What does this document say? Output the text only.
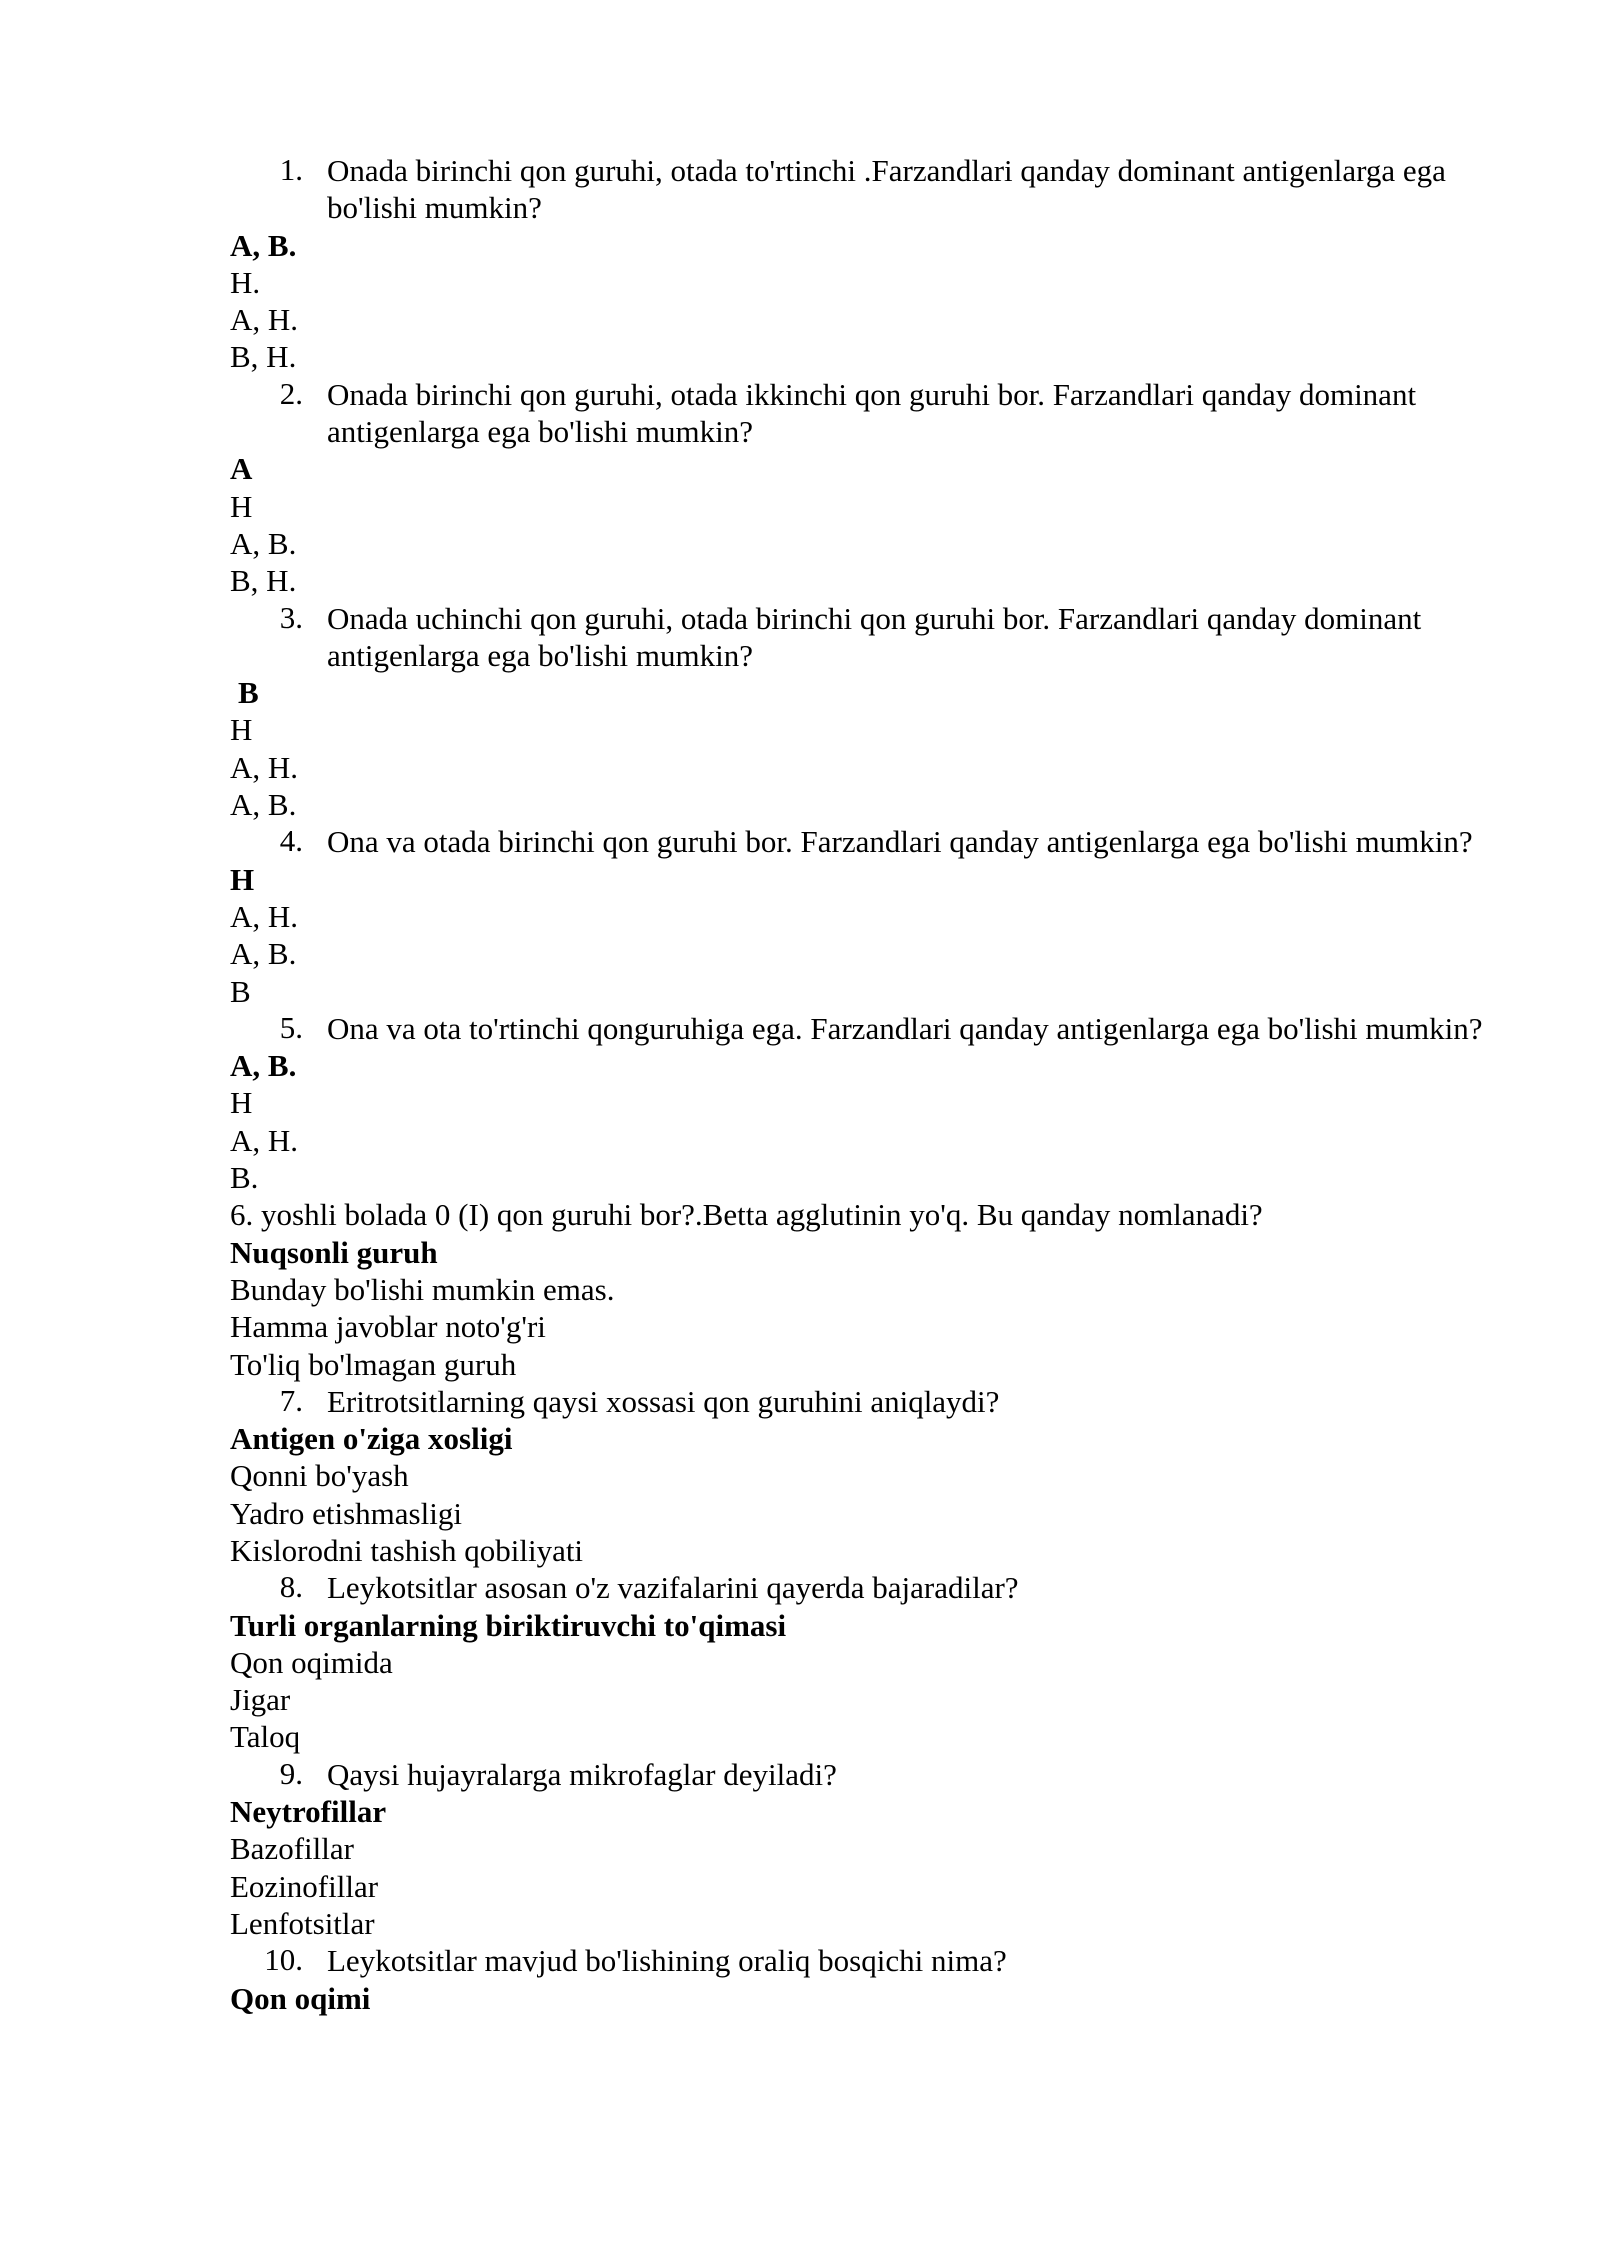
1. Onada birinchi qon guruhi, otada to'rtinchi .Farzandlari qanday dominant antigenlarga ega bo'lishi mumkin?
A, B.
H.
A, H.
B, H.
2. Onada birinchi qon guruhi, otada ikkinchi qon guruhi bor. Farzandlari qanday dominant antigenlarga ega bo'lishi mumkin?
A
H
A, B.
B, H.
3. Onada uchinchi qon guruhi, otada birinchi qon guruhi bor. Farzandlari qanday dominant antigenlarga ega bo'lishi mumkin?
B
H
A, H.
A, B.
4. Ona va otada birinchi qon guruhi bor. Farzandlari qanday antigenlarga ega bo'lishi mumkin?
H
A, H.
A, B.
B
5. Ona va ota to'rtinchi qonguruhiga ega. Farzandlari qanday antigenlarga ega bo'lishi mumkin?
A, B.
H
A, H.
B.
6. yoshli bolada 0 (I) qon guruhi bor?.Betta agglutinin yo'q. Bu qanday nomlanadi?
Nuqsonli guruh
Bunday bo'lishi mumkin emas.
Hamma javoblar noto'g'ri
To'liq bo'lmagan guruh
7. Eritrotsitlarning qaysi xossasi qon guruhini aniqlaydi?
Antigen o'ziga xosligi
Qonni bo'yash
Yadro etishmasligi
Kislorodni tashish qobiliyati
8. Leykotsitlar asosan o'z vazifalarini qayerda bajaradilar?
Turli organlarning biriktiruvchi to'qimasi
Qon oqimida
Jigar
Taloq
9. Qaysi hujayralarga mikrofaglar deyiladi?
Neytrofillar
Bazofillar
Eozinofillar
Lenfotsitlar
10. Leykotsitlar mavjud bo'lishining oraliq bosqichi nima?
Qon oqimi
